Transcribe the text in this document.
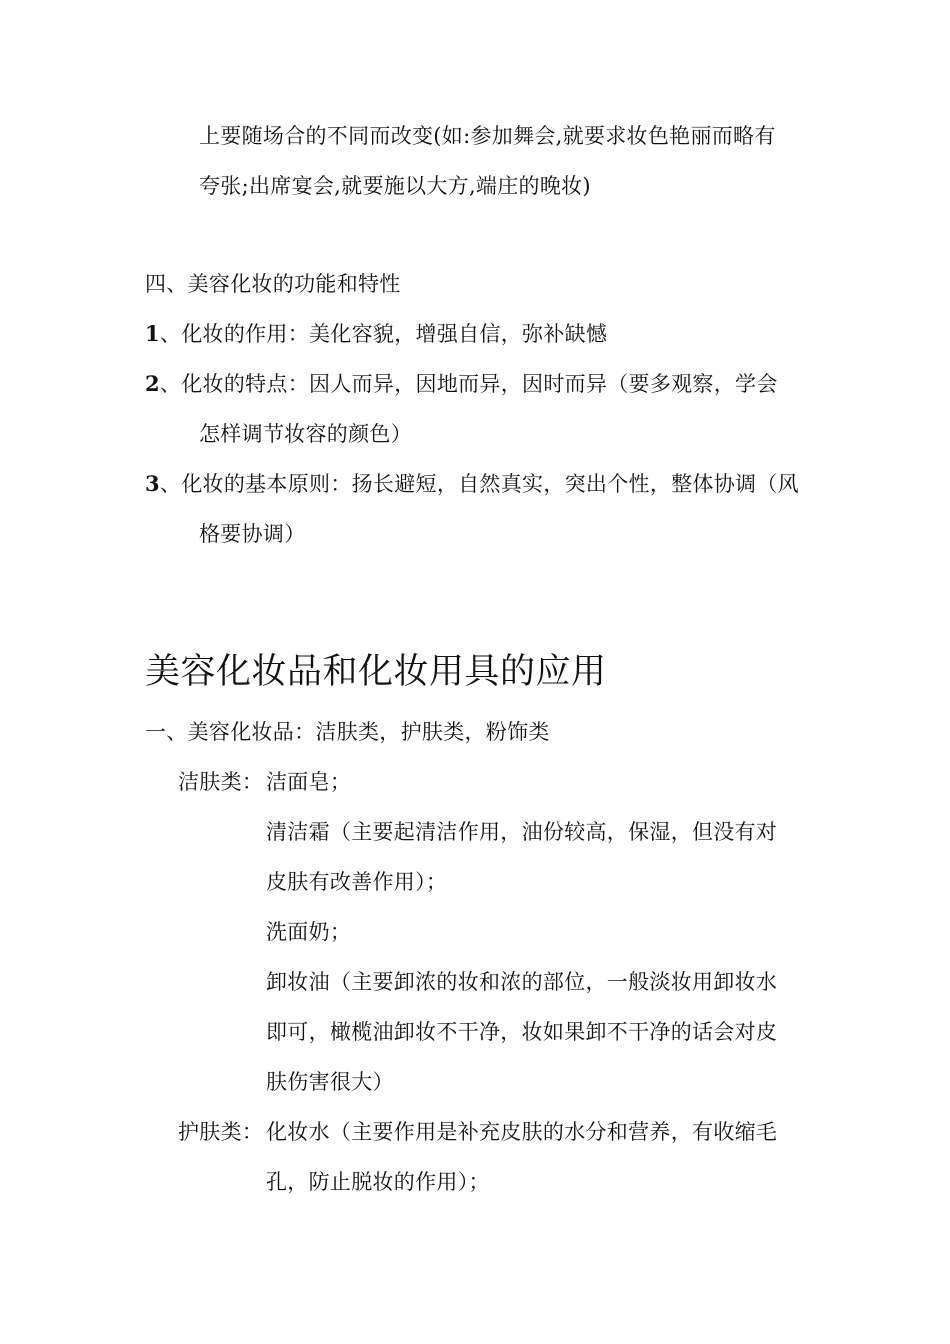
上要随场合的不同而改变(如:参加舞会,就要求妆色艳丽而略有
夸张;出席宴会,就要施以大方,端庄的晚妆)
四、美容化妆的功能和特性
1、化妆的作用：美化容貌，增强自信，弥补缺憾
2、化妆的特点：因人而异，因地而异，因时而异（要多观察，学会
怎样调节妆容的颜色）
3、化妆的基本原则：扬长避短，自然真实，突出个性，整体协调（风
格要协调）
美容化妆品和化妆用具的应用
一、美容化妆品：洁肤类，护肤类，粉饰类
洁肤类： 洁面皂；
清洁霜（主要起清洁作用，油份较高，保湿，但没有对
皮肤有改善作用）；
洗面奶；
卸妆油（主要卸浓的妆和浓的部位，一般淡妆用卸妆水
即可，橄榄油卸妆不干净，妆如果卸不干净的话会对皮
肤伤害很大）
护肤类： 化妆水（主要作用是补充皮肤的水分和营养，有收缩毛
孔，防止脱妆的作用）；
